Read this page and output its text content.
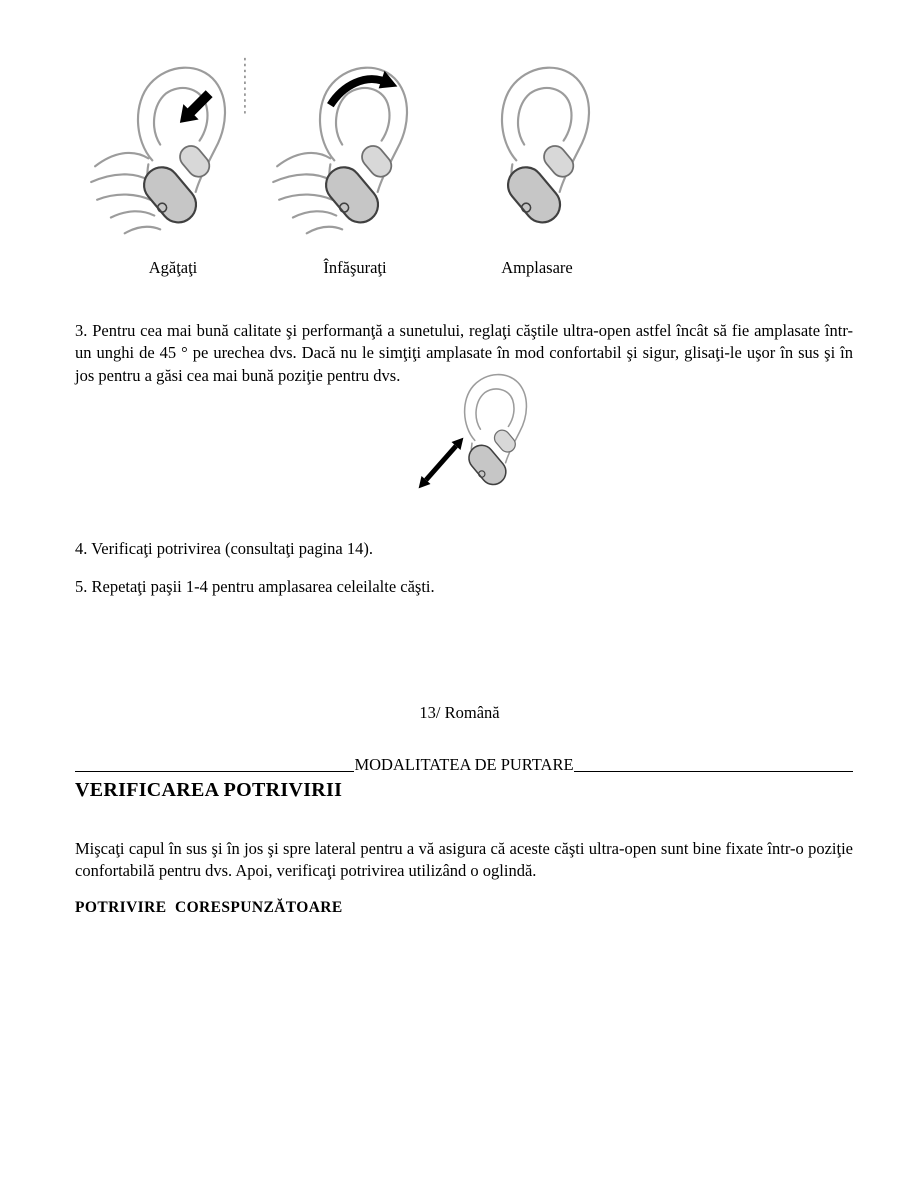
Agăţaţi	Înfăşuraţi	Amplasare

3. Pentru cea mai bună calitate şi performanţă a sunetului, reglaţi căştile ultra-open astfel încât să fie amplasate într-un unghi de 45 ° pe urechea dvs. Dacă nu le simţiţi amplasate în mod confortabil şi sigur, glisaţi-le uşor în sus şi în jos pentru a găsi cea mai bună poziţie pentru dvs.

4. Verificaţi potrivirea (consultaţi pagina 14).

5. Repetaţi paşii 1-4 pentru amplasarea celeilalte căşti.

13/ Română
MODALITATEA DE PURTARE
VERIFICAREA POTRIVIRII

Mişcaţi capul în sus şi în jos şi spre lateral pentru a vă asigura că aceste căşti ultra-open sunt bine fixate într-o poziţie confortabilă pentru dvs. Apoi, verificaţi potrivirea utilizând o oglindă.

POTRIVIRE  CORESPUNZĂTOARE
